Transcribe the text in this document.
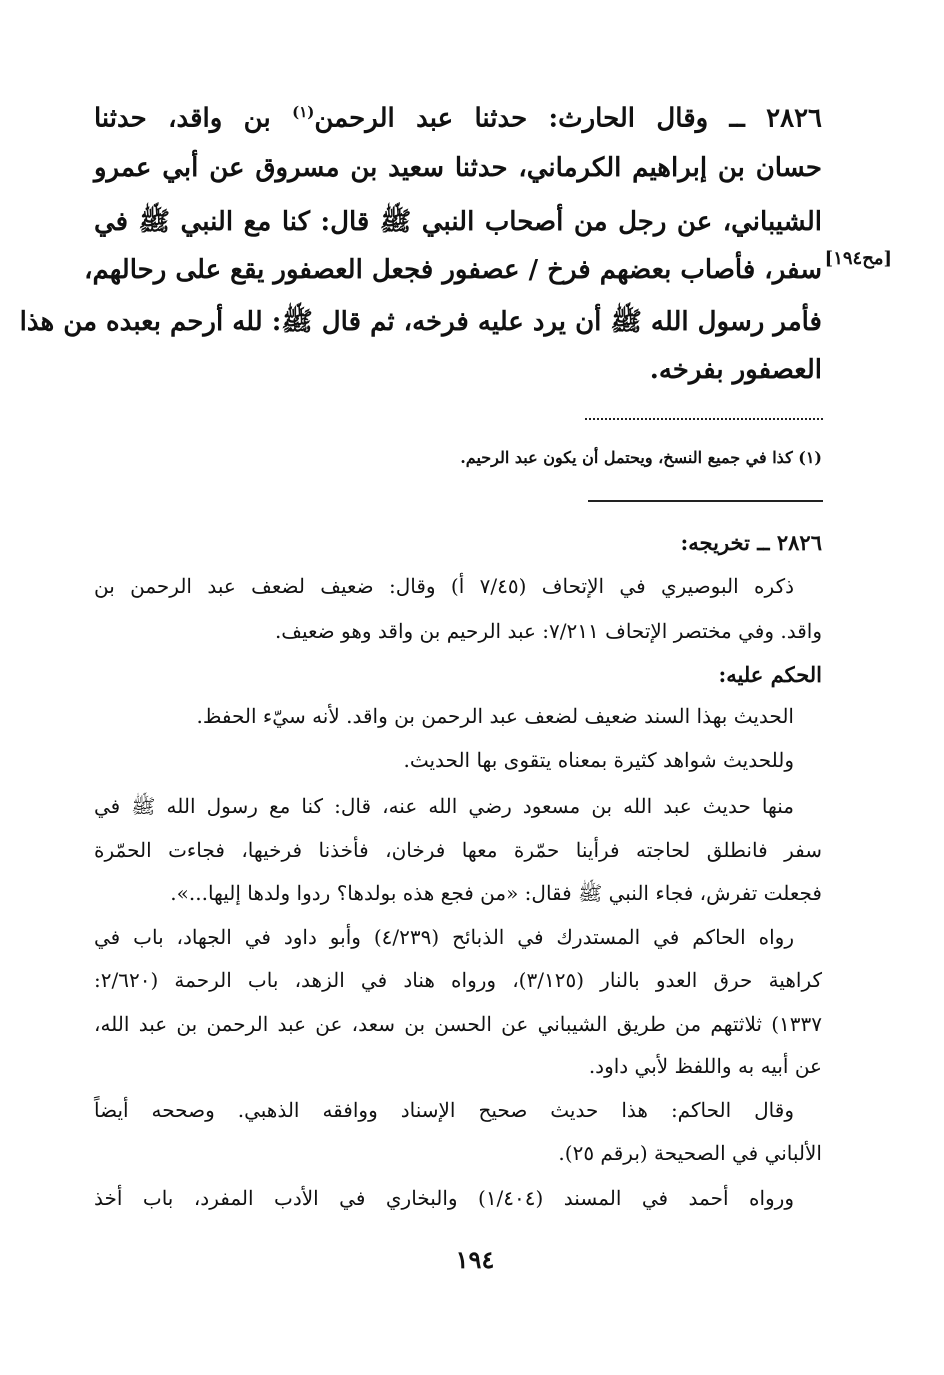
٢٨٢٦ ــ وقال الحارث: حدثنا عبد الرحمن$^{(١)}$ بن واقد، حدثنا
حسان بن إبراهيم الكرماني، حدثنا سعيد بن مسروق عن أبي عمرو
الشيباني، عن رجل من أصحاب النبي ﷺ قال: كنا مع النبي ﷺ في
سفر، فأصاب بعضهم فرخ / عصفور فجعل العصفور يقع على رحالهم، [مح١٩٤]
فأمر رسول الله ﷺ أن يرد عليه فرخه، ثم قال ﷺ: لله أرحم بعبده من هذا
العصفور بفرخه.
(١) كذا في جميع النسخ، ويحتمل أن يكون عبد الرحيم.
٢٨٢٦ ــ تخريجه:
ذكره البوصيري في الإتحاف (٧/٤٥ أ) وقال: ضعيف لضعف عبد الرحمن بن
واقد. وفي مختصر الإتحاف ٧/٢١١: عبد الرحيم بن واقد وهو ضعيف.
الحكم عليه:
الحديث بهذا السند ضعيف لضعف عبد الرحمن بن واقد. لأنه سيّء الحفظ.
وللحديث شواهد كثيرة بمعناه يتقوى بها الحديث.
منها حديث عبد الله بن مسعود رضي الله عنه، قال: كنا مع رسول الله ﷺ في
سفر فانطلق لحاجته فرأينا حمّرة معها فرخان، فأخذنا فرخيها، فجاءت الحمّرة
فجعلت تفرش، فجاء النبي ﷺ فقال: «من فجع هذه بولدها؟ ردوا ولدها إليها...».
رواه الحاكم في المستدرك في الذبائح (٤/٢٣٩) وأبو داود في الجهاد، باب في
كراهية حرق العدو بالنار (٣/١٢٥)، ورواه هناد في الزهد، باب الرحمة (٢/٦٢٠:
١٣٣٧) ثلاثتهم من طريق الشيباني عن الحسن بن سعد، عن عبد الرحمن بن عبد الله،
عن أبيه به واللفظ لأبي داود.
وقال الحاكم: هذا حديث صحيح الإسناد ووافقه الذهبي. وصححه أيضاً
الألباني في الصحيحة (برقم ٢٥).
ورواه أحمد في المسند (١/٤٠٤) والبخاري في الأدب المفرد، باب أخذ
١٩٤
